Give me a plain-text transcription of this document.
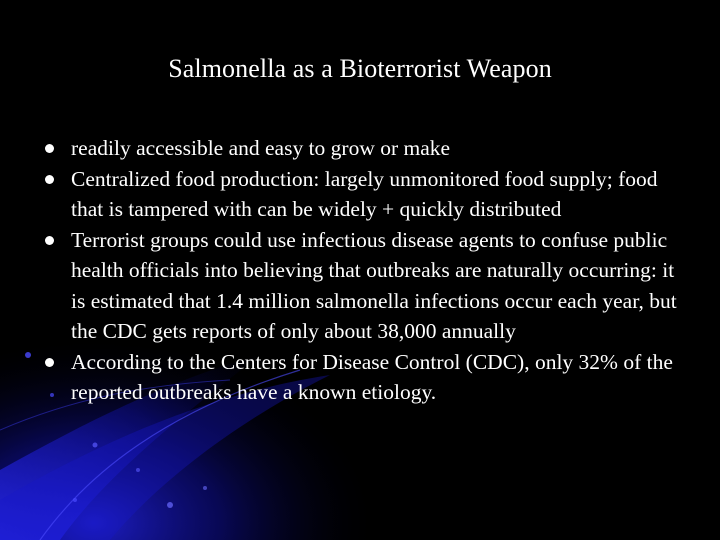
Salmonella as a Bioterrorist Weapon
readily accessible and easy to grow or make
Centralized food production: largely unmonitored food supply; food that is tampered with can be widely + quickly distributed
Terrorist groups could use infectious disease agents to confuse public health officials into believing that outbreaks are naturally occurring: it is estimated that 1.4 million salmonella infections occur each year, but the CDC gets reports of only about 38,000 annually
According to the Centers for Disease Control (CDC), only 32% of the reported outbreaks have a known etiology.
